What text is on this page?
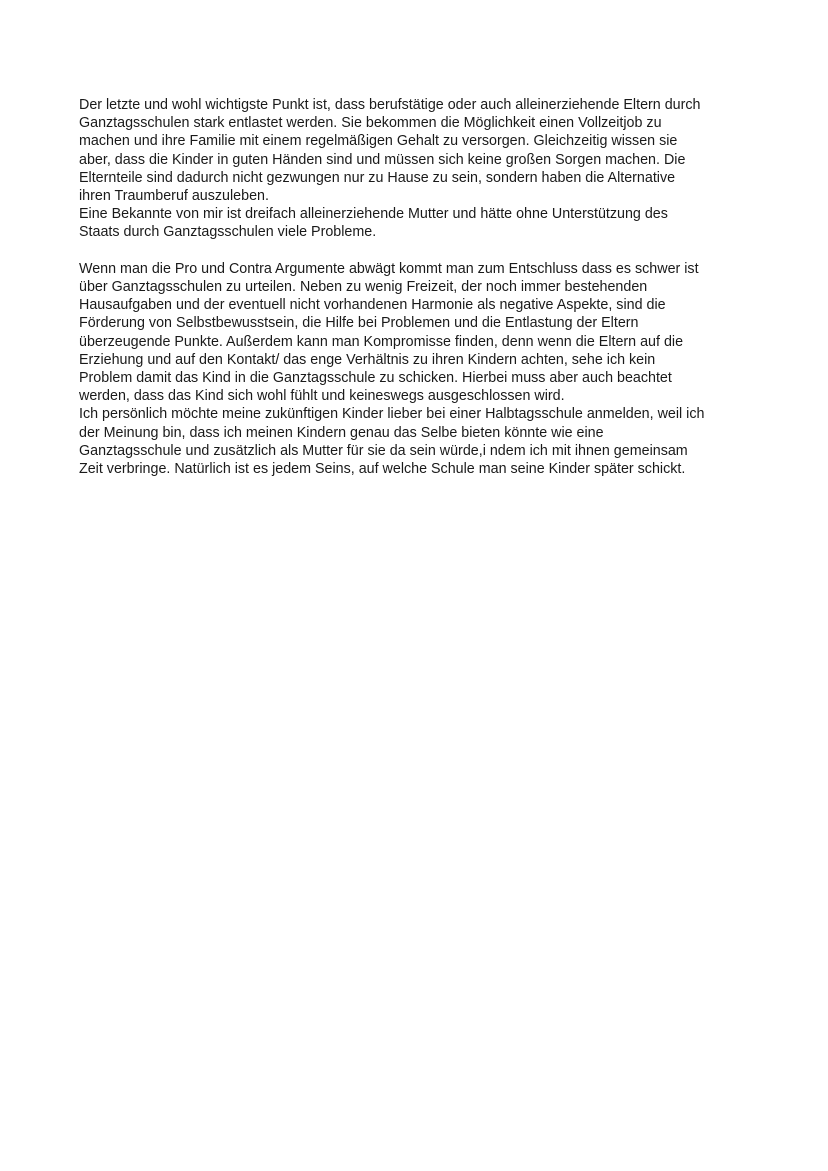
Der letzte und wohl wichtigste Punkt ist, dass berufstätige oder auch alleinerziehende Eltern durch
Ganztagsschulen stark entlastet werden. Sie bekommen die Möglichkeit einen Vollzeitjob zu
machen und ihre Familie mit einem regelmäßigen Gehalt zu versorgen. Gleichzeitig wissen sie
aber, dass die Kinder in guten Händen sind und müssen sich keine großen Sorgen machen. Die
Elternteile sind dadurch nicht gezwungen nur zu Hause zu sein, sondern haben die Alternative
ihren Traumberuf auszuleben.
Eine Bekannte von mir ist dreifach alleinerziehende Mutter und hätte ohne Unterstützung des
Staats durch Ganztagsschulen viele Probleme.
Wenn man die Pro und Contra Argumente abwägt kommt man zum Entschluss dass es schwer ist
über Ganztagsschulen zu urteilen. Neben zu wenig Freizeit, der noch immer bestehenden
Hausaufgaben und der eventuell nicht vorhandenen Harmonie als negative Aspekte, sind die
Förderung von Selbstbewusstsein, die Hilfe bei Problemen und die Entlastung der Eltern
überzeugende Punkte. Außerdem kann man Kompromisse finden, denn wenn die Eltern auf die
Erziehung und auf den Kontakt/ das enge Verhältnis zu ihren Kindern achten, sehe ich kein
Problem damit das Kind in die Ganztagsschule zu schicken. Hierbei muss aber auch beachtet
werden, dass das Kind sich wohl fühlt und keineswegs ausgeschlossen wird.
Ich persönlich möchte meine zukünftigen Kinder lieber bei einer Halbtagsschule anmelden, weil ich
der Meinung bin, dass ich meinen Kindern genau das Selbe bieten könnte wie eine
Ganztagsschule und zusätzlich als Mutter für sie da sein würde,i ndem ich mit ihnen gemeinsam
Zeit verbringe. Natürlich ist es jedem Seins, auf welche Schule man seine Kinder später schickt.
